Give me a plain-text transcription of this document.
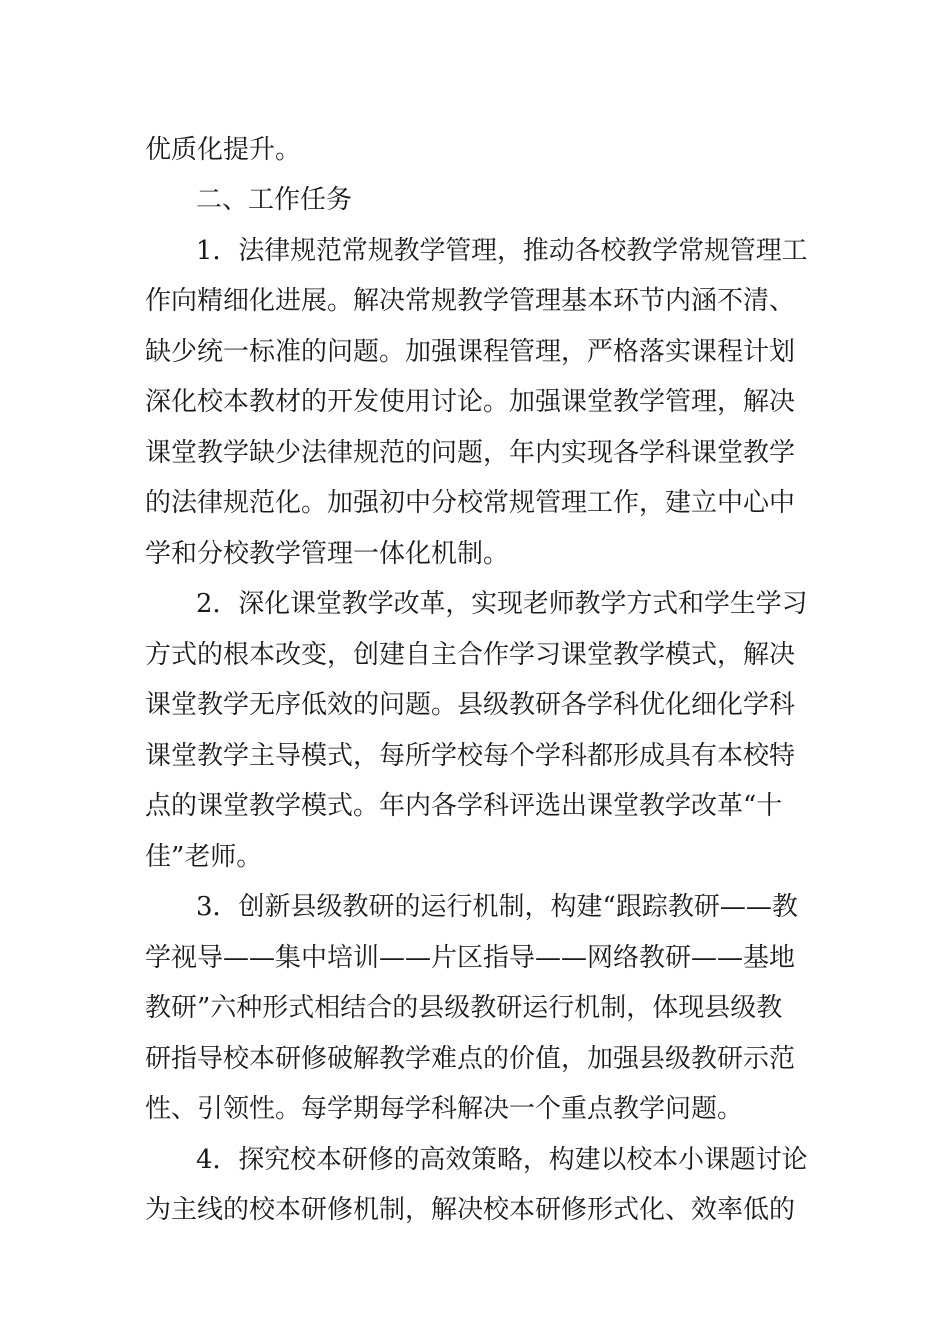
优质化提升。
二、工作任务
1．法律规范常规教学管理，推动各校教学常规管理工
作向精细化进展。解决常规教学管理基本环节内涵不清、
缺少统一标准的问题。加强课程管理，严格落实课程计划
深化校本教材的开发使用讨论。加强课堂教学管理，解决
课堂教学缺少法律规范的问题，年内实现各学科课堂教学
的法律规范化。加强初中分校常规管理工作，建立中心中
学和分校教学管理一体化机制。
2．深化课堂教学改革，实现老师教学方式和学生学习
方式的根本改变，创建自主合作学习课堂教学模式，解决
课堂教学无序低效的问题。县级教研各学科优化细化学科
课堂教学主导模式，每所学校每个学科都形成具有本校特
点的课堂教学模式。年内各学科评选出课堂教学改革“十
佳”老师。
3．创新县级教研的运行机制，构建“跟踪教研——教
学视导——集中培训——片区指导——网络教研——基地
教研”六种形式相结合的县级教研运行机制，体现县级教
研指导校本研修破解教学难点的价值，加强县级教研示范
性、引领性。每学期每学科解决一个重点教学问题。
4．探究校本研修的高效策略，构建以校本小课题讨论
为主线的校本研修机制，解决校本研修形式化、效率低的
